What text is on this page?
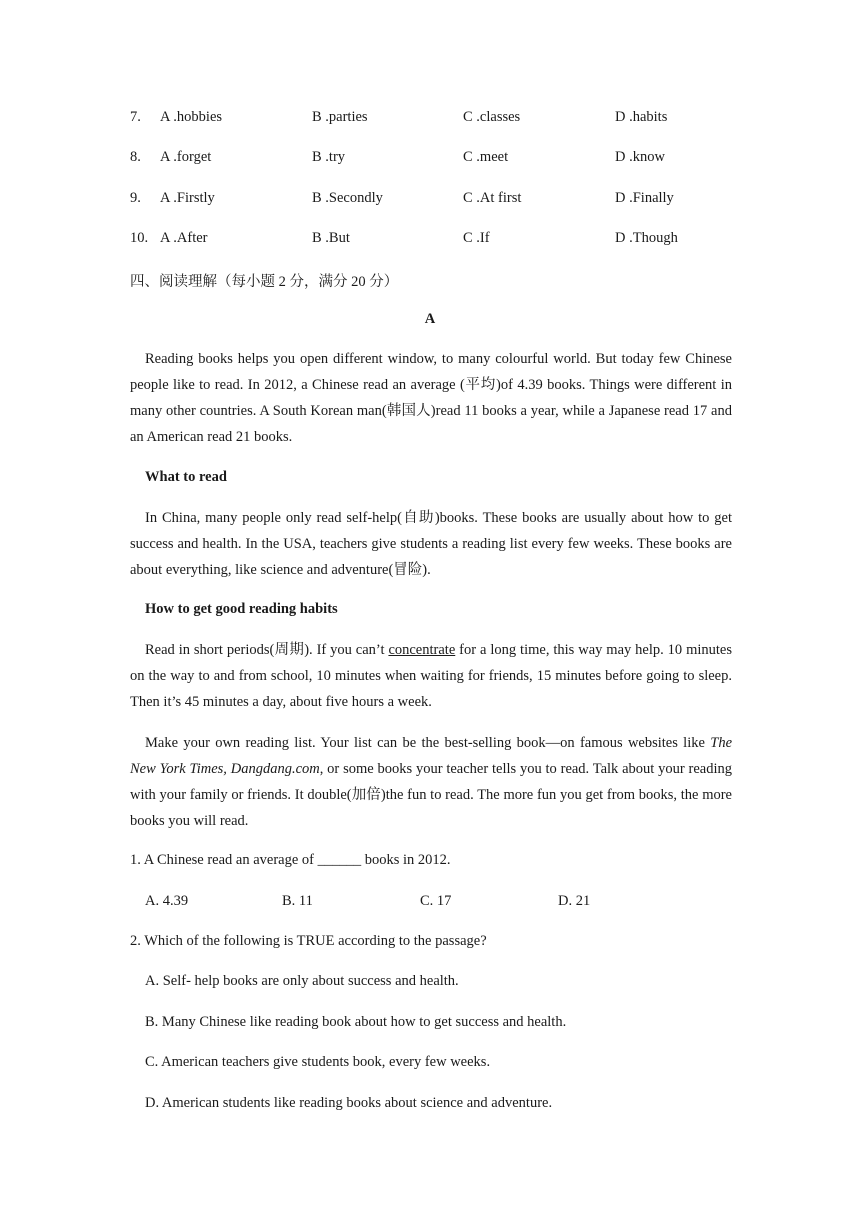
7. A .hobbies	B .parties	C .classes	D .habits
8. A .forget	B .try	C .meet	D .know
9. A .Firstly	B .Secondly	C .At first	D .Finally
10. A .After	B .But	C .If	D .Though
四、阅读理解（每小题 2 分，满分 20 分）
A

Reading books helps you open different window, to many colourful world. But today few Chinese people like to read. In 2012, a Chinese read an average (平均)of 4.39 books. Things were different in many other countries. A South Korean man(韩国人)read 11 books a year, while a Japanese read 17 and an American read 21 books.

What to read

In China, many people only read self-help(自助)books. These books are usually about how to get success and health. In the USA, teachers give students a reading list every few weeks. These books are about everything, like science and adventure(冒险).

How to get good reading habits

Read in short periods(周期). If you can’t concentrate for a long time, this way may help. 10 minutes on the way to and from school, 10 minutes when waiting for friends, 15 minutes before going to sleep. Then it’s 45 minutes a day, about five hours a week.

Make your own reading list. Your list can be the best-selling book—on famous websites like The New York Times, Dangdang.com, or some books your teacher tells you to read. Talk about your reading with your family or friends. It double(加倍)the fun to read. The more fun you get from books, the more books you will read.

1. A Chinese read an average of ______ books in 2012.
A. 4.39	B. 11	C. 17	D. 21
2. Which of the following is TRUE according to the passage?
A. Self- help books are only about success and health.
B. Many Chinese like reading book about how to get success and health.
C. American teachers give students book, every few weeks.
D. American students like reading books about science and adventure.
